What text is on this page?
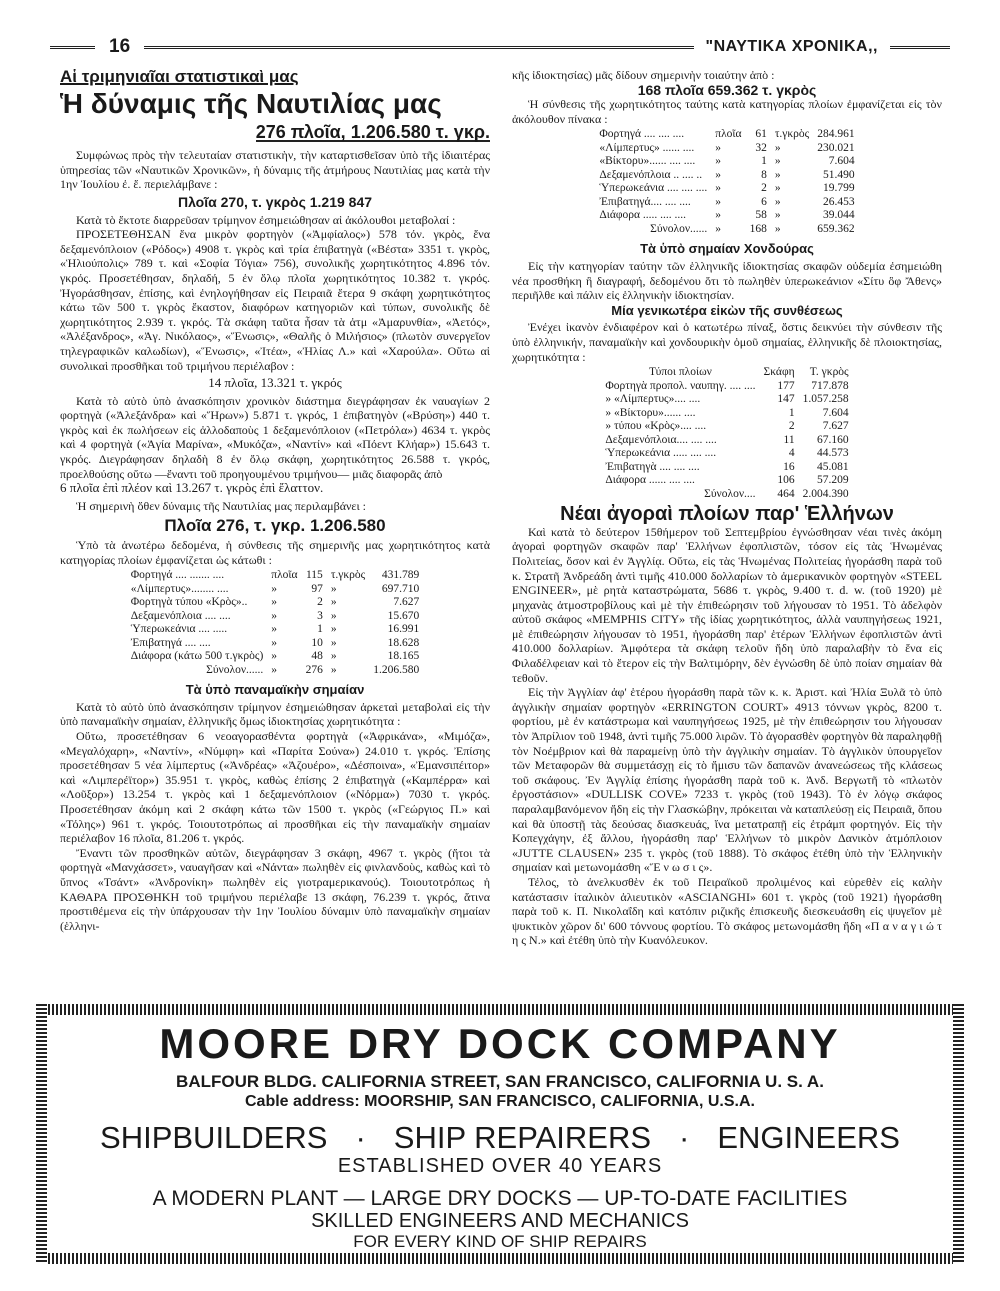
16	"ΝΑΥΤΙΚΑ ΧΡΟΝΙΚΑ,,
Αἱ τριμηνιαῖαι στατιστικαὶ μας
Ἡ δύναμις τῆς Ναυτιλίας μας
276 πλοῖα, 1.206.580 τ. γκρ.

Συμφώνως πρὸς τὴν τελευταίαν στατιστικὴν, τὴν καταρτισθεῖσαν ὑπὸ τῆς ἰδιαιτέρας ὑπηρεσίας τῶν «Ναυτικῶν Χρονικῶν», ἡ δύναμις τῆς ἀτμήρους Ναυτιλίας μας κατὰ τὴν 1ην Ἰουλίου ἐ. ἔ. περιελάμβανε :

Πλοῖα 270, τ. γκρὸς 1.219 847

Κατὰ τὸ ἔκτοτε διαρρεῦσαν τρίμηνον ἐσημειώθησαν αἱ ἀκόλουθοι μεταβολαί :

ΠΡΟΣΕΤΕΘΗΣΑΝ ἕνα μικρὸν φορτηγὸν («Ἀμφίαλος») 578 τόν. γκρὸς, ἕνα δεξαμενόπλοιον («Ρόδος») 4908 τ. γκρὸς καὶ τρία ἐπιβατηγὰ («Βέστα» 3351 τ. γκρὸς, «Ἡλιούπολις» 789 τ. καὶ «Σοφία Τόγια» 756), συνολικῆς χωρητικότητος 4.896 τόν. γκρός. Προσετέθησαν, δηλαδή, 5 ἐν ὅλῳ πλοῖα χωρητικότητος 10.382 τ. γκρός. Ἠγοράσθησαν, ἐπίσης, καὶ ἐνηλογήθησαν εἰς Πειραιᾶ ἕτερα 9 σκάφη χωρητικότητος κάτω τῶν 500 τ. γκρὸς ἕκαστον, διαφόρων κατηγοριῶν καὶ τύπων, συνολικῆς δὲ χωρητικότητος 2.939 τ. γκρός. Τὰ σκάφη ταῦτα ἦσαν τὰ ἀτμ «Ἀμαρυνθία», «Ἀετός», «Ἀλέξανδρος», «Ἀγ. Νικόλαος», «Ἕνωσις», «Θαλῆς ὁ Μιλήσιος» (πλωτὸν συνεργεῖον τηλεγραφικῶν καλωδίων), «Ἕνωσις», «Ἰτέα», «Ἠλίας Λ.» καὶ «Χαρούλα». Οὕτω αἱ συνολικαὶ προσθῆκαι τοῦ τριμήνου περιέλαβον :

14 πλοῖα, 13.321 τ. γκρός

Κατὰ τὸ αὐτὸ ὑπὸ ἀνασκόπησιν χρονικὸν διάστημα διεγράφησαν ἐκ ναυαγίων 2 φορτηγὰ («Ἀλεξάνδρα» καὶ «Ἥρων») 5.871 τ. γκρός, 1 ἐπιβατηγὸν («Βρύση») 440 τ. γκρὸς καὶ ἐκ πωλήσεων εἰς ἀλλοδαποὺς 1 δεξαμενόπλοιον («Πετρόλα») 4634 τ. γκρὸς καὶ 4 φορτηγὰ («Ἁγία Μαρίνα», «Μυκόζα», «Ναντίν» καὶ «Πόεντ Κλήαρ») 15.643 τ. γκρός. Διεγράφησαν δηλαδὴ 8 ἐν ὅλῳ σκάφη, χωρητικότητος 26.588 τ. γκρός, προελθούσης οὕτω —ἔναντι τοῦ προηγουμένου τριμήνου— μιᾶς διαφορᾶς ἀπὸ

6 πλοῖα ἐπὶ πλέον καὶ 13.267 τ. γκρὸς ἐπὶ ἔλαττον.

Ἡ σημερινὴ ὅθεν δύναμις τῆς Ναυτιλίας μας περιλαμβάνει :

Πλοῖα 276, τ. γκρ. 1.206.580

Ὑπὸ τὰ ἀνωτέρω δεδομένα, ἡ σύνθεσις τῆς σημερινῆς μας χωρητικότητος κατὰ κατηγορίας πλοίων ἐμφανίζεται ὡς κάτωθι :

Φορτηγά .... ....... ....	πλοῖα	115	τ.γκρὸς	431.789
«Λίμπερτυς»........ ....	»	97	»	697.710
Φορτηγὰ τύπου «Κρὸς»..	»	2	»	7.627
Δεξαμενόπλοια .... ....	»	3	»	15.670
Ὑπερωκεάνια .... .....	»	1	»	16.991
Ἐπιβατηγά .... ....	»	10	»	18.628
Διάφορα (κάτω 500 τ.γκρὸς)	»	48	»	18.165
Σύνολον......	»	276	»	1.206.580
Τὰ ὑπὸ παναμαϊκὴν σημαίαν

Κατὰ τὸ αὐτὸ ὑπὸ ἀνασκόπησιν τρίμηνον ἐσημειώθησαν ἀρκεταὶ μεταβολαὶ εἰς τὴν ὑπὸ παναμαϊκὴν σημαίαν, ἑλληνικῆς ὅμως ἰδιοκτησίας χωρητικότητα :

Οὕτω, προσετέθησαν 6 νεοαγορασθέντα φορτηγὰ («Ἀφρικάνα», «Μιμόζα», «Μεγαλόχαρη», «Ναντίν», «Νύμφη» καὶ «Παρίτα Σούνα») 24.010 τ. γκρός. Ἐπίσης προσετέθησαν 5 νέα λίμπερτυς («Ἀνδρέας» «Ἀζουέρο», «Δέσποινα», «Ἐμανσιπέιτορ» καὶ «Λιμπερέϊτορ») 35.951 τ. γκρὸς, καθὼς ἐπίσης 2 ἐπιβατηγὰ («Καμπέρρα» καὶ «Λοῦξορ») 13.254 τ. γκρὸς καὶ 1 δεξαμενόπλοιον («Νόρμα») 7030 τ. γκρός. Προσετέθησαν ἀκόμη καὶ 2 σκάφη κάτω τῶν 1500 τ. γκρὸς («Γεώργιος Π.» καὶ «Τόλης») 961 τ. γκρός. Τοιουτοτρόπως αἱ προσθῆκαι εἰς τὴν παναμαϊκὴν σημαίαν περιέλαβον 16 πλοῖα, 81.206 τ. γκρός.

Ἔναντι τῶν προσθηκῶν αὐτῶν, διεγράφησαν 3 σκάφη, 4967 τ. γκρὸς (ἤτοι τὰ φορτηγὰ «Μανχάσσετ», ναυαγῆσαν καὶ «Νάντα» πωληθὲν εἰς φινλανδοὺς, καθὼς καὶ τὸ ὕπνος «Τσάντ» «Ἀνδρονίκη» πωληθὲν εἰς γιοτραμερικανούς). Τοιουτοτρόπως ἡ ΚΑΘΑΡΑ ΠΡΟΣΘΗΚΗ τοῦ τριμήνου περιέλαβε 13 σκάφη, 76.239 τ. γκρός, ἅτινα προστιθέμενα εἰς τὴν ὑπάρχουσαν τὴν 1ην Ἰουλίου δύναμιν ὑπὸ παναμαϊκὴν σημαίαν (ἑλληνι-

κῆς ἰδιοκτησίας) μᾶς δίδουν σημερινὴν τοιαύτην ἀπὸ :

168 πλοῖα 659.362 τ. γκρὸς

Ἡ σύνθεσις τῆς χωρητικότητος ταύτης κατὰ κατηγορίας πλοίων ἐμφανίζεται εἰς τὸν ἀκόλουθον πίνακα :

Φορτηγά .... .... ....	πλοῖα	61	τ.γκρὸς	284.961
«Λίμπερτυς» ...... ....	»	32	»	230.021
«Βίκτορυ»...... .... ....	»	1	»	7.604
Δεξαμενόπλοια .. .... ..	»	8	»	51.490
Ὑπερωκεάνια .... .... ....	»	2	»	19.799
Ἐπιβατηγά.... .... ....	»	6	»	26.453
Διάφορα ..... .... ....	»	58	»	39.044
Σύνολον......	»	168	»	659.362
Τὰ ὑπὸ σημαίαν Χονδούρας

Εἰς τὴν κατηγορίαν ταύτην τῶν ἑλληνικῆς ἰδιοκτησίας σκαφῶν οὐδεμία ἐσημειώθη νέα προσθήκη ἢ διαγραφή, δεδομένου ὅτι τὸ πωληθὲν ὑπερωκεάνιον «Σίτυ ὂφ Ἄθενς» περιῆλθε καὶ πάλιν εἰς ἑλληνικὴν ἰδιοκτησίαν.

Μία γενικωτέρα εἰκὼν τῆς συνθέσεως

Ἐνέχει ἱκανὸν ἐνδιαφέρον καὶ ὁ κατωτέρω πίναξ, ὅστις δεικνύει τὴν σύνθεσιν τῆς ὑπὸ ἑλληνικήν, παναμαϊκὴν καὶ χονδουρικὴν ὁμοῦ σημαίας, ἑλληνικῆς δὲ πλοιοκτησίας, χωρητικότητα :

Τύποι πλοίων	Σκάφη	Τ. γκρὸς
Φορτηγὰ προπολ. ναυπηγ. .... ....	177	717.878
» «Λίμπερτυς».... ....	147	1.057.258
» «Βίκτορυ»...... ....	1	7.604
» τύπου «Κρὸς».... ....	2	7.627
Δεξαμενόπλοια.... .... ....	11	67.160
Ὑπερωκεάνια ..... .... ....	4	44.573
Ἐπιβατηγὰ .... .... ....	16	45.081
Διάφορα ...... .... ....	106	57.209
Σύνολον....	464	2.004.390
Νέαι ἀγοραὶ πλοίων παρ' Ἑλλήνων

Καὶ κατὰ τὸ δεύτερον 15θήμερον τοῦ Σεπτεμβρίου ἐγνώσθησαν νέαι τινὲς ἀκόμη ἀγοραὶ φορτηγῶν σκαφῶν παρ' Ἑλλήνων ἐφοπλιστῶν, τόσον εἰς τὰς Ἡνωμένας Πολιτείας, ὅσον καὶ ἐν Ἀγγλίᾳ. Οὕτω, εἰς τὰς Ἡνωμένας Πολιτείας ἠγοράσθη παρὰ τοῦ κ. Στρατῆ Ἀνδρεάδη ἀντὶ τιμῆς 410.000 δολλαρίων τὸ ἀμερικανικὸν φορτηγὸν «STEEL ENGINEER», μὲ ρητὰ καταστρώματα, 5686 τ. γκρὸς, 9.400 τ. d. w. (τοῦ 1920) μὲ μηχανὰς ἀτμοστροβίλους καὶ μὲ τὴν ἐπιθεώρησιν τοῦ λήγουσαν τὸ 1951. Τὸ ἀδελφὸν αὐτοῦ σκάφος «MEMPHIS CITY» τῆς ἰδίας χωρητικότητος, ἀλλὰ ναυπηγήσεως 1921, μὲ ἐπιθεώρησιν λήγουσαν τὸ 1951, ἠγοράσθη παρ' ἑτέρων Ἑλλήνων ἐφοπλιστῶν ἀντὶ 410.000 δολλαρίων. Ἀμφότερα τὰ σκάφη τελοῦν ἤδη ὑπὸ παραλαβὴν τὸ ἕνα εἰς Φιλαδέλφειαν καὶ τὸ ἕτερον εἰς τὴν Βαλτιμόρην, δὲν ἐγνώσθη δὲ ὑπὸ ποίαν σημαίαν θὰ τεθοῦν.

Εἰς τὴν Ἀγγλίαν ἀφ' ἑτέρου ἠγοράσθη παρὰ τῶν κ. κ. Ἀριστ. καὶ Ἠλία Ξυλᾶ τὸ ὑπὸ ἀγγλικὴν σημαίαν φορτηγὸν «ERRINGTON COURT» 4913 τόννων γκρὸς, 8200 τ. φορτίου, μὲ ἐν κατάστρωμα καὶ ναυπηγήσεως 1925, μὲ τὴν ἐπιθεώρησιν του λήγουσαν τὸν Ἀπρίλιον τοῦ 1948, ἀντὶ τιμῆς 75.000 λιρῶν. Τὸ ἀγορασθὲν φορτηγὸν θὰ παραληφθῇ τὸν Νοέμβριον καὶ θὰ παραμείνῃ ὑπὸ τὴν ἀγγλικὴν σημαίαν. Τὸ ἀγγλικὸν ὑπουργεῖον τῶν Μεταφορῶν θὰ συμμετάσχῃ εἰς τὸ ἥμισυ τῶν δαπανῶν ἀνανεώσεως τῆς κλάσεως τοῦ σκάφους. Ἐν Ἀγγλίᾳ ἐπίσης ἠγοράσθη παρὰ τοῦ κ. Ἀνδ. Βεργωτῆ τὸ «πλωτὸν ἐργοστάσιον» «DULLISK COVE» 7233 τ. γκρὸς (τοῦ 1943). Τὸ ἐν λόγῳ σκάφος παραλαμβανόμενον ἤδη εἰς τὴν Γλασκώβην, πρόκειται νὰ καταπλεύσῃ εἰς Πειραιᾶ, ὅπου καὶ θὰ ὑποστῇ τὰς δεούσας διασκευάς, ἵνα μετατραπῇ εἰς ἐτράμπ φορτηγόν. Εἰς τὴν Κοπεγχάγην, ἐξ ἄλλου, ἠγοράσθη παρ' Ἑλλήνων τὸ μικρὸν Δανικὸν ἀτμόπλοιον «JUTTE CLAUSEN» 235 τ. γκρὸς (τοῦ 1888). Τὸ σκάφος ἐτέθη ὑπὸ τὴν Ἑλληνικὴν σημαίαν καὶ μετωνομάσθη «Ἕ ν ω σ ι ς».

Τέλος, τὸ ἀνελκυσθὲν ἐκ τοῦ Πειραϊκοῦ προλιμένος καὶ εὑρεθὲν εἰς καλὴν κατάστασιν ἰταλικὸν ἁλιευτικὸν «ASCIANGHI» 601 τ. γκρὸς (τοῦ 1921) ἠγοράσθη παρὰ τοῦ κ. Π. Νικολαΐδη καὶ κατόπιν ριζικῆς ἐπισκευῆς διεσκευάσθη εἰς ψυγεῖον μὲ ψυκτικὸν χῶρον δι' 600 τόννους φορτίου. Τὸ σκάφος μετωνομάσθη ἤδη «Π α ν α γ ι ώ τ η ς Ν.» καὶ ἐτέθη ὑπὸ τὴν Κυανόλευκον.

MOORE DRY DOCK COMPANY
BALFOUR BLDG. CALIFORNIA STREET, SAN FRANCISCO, CALIFORNIA U. S. A.
Cable address: MOORSHIP, SAN FRANCISCO, CALIFORNIA, U.S.A.
SHIPBUILDERS · SHIP REPAIRERS · ENGINEERS
ESTABLISHED OVER 40 YEARS
A MODERN PLANT — LARGE DRY DOCKS — UP-TO-DATE FACILITIES
SKILLED ENGINEERS AND MECHANICS
FOR EVERY KIND OF SHIP REPAIRS
